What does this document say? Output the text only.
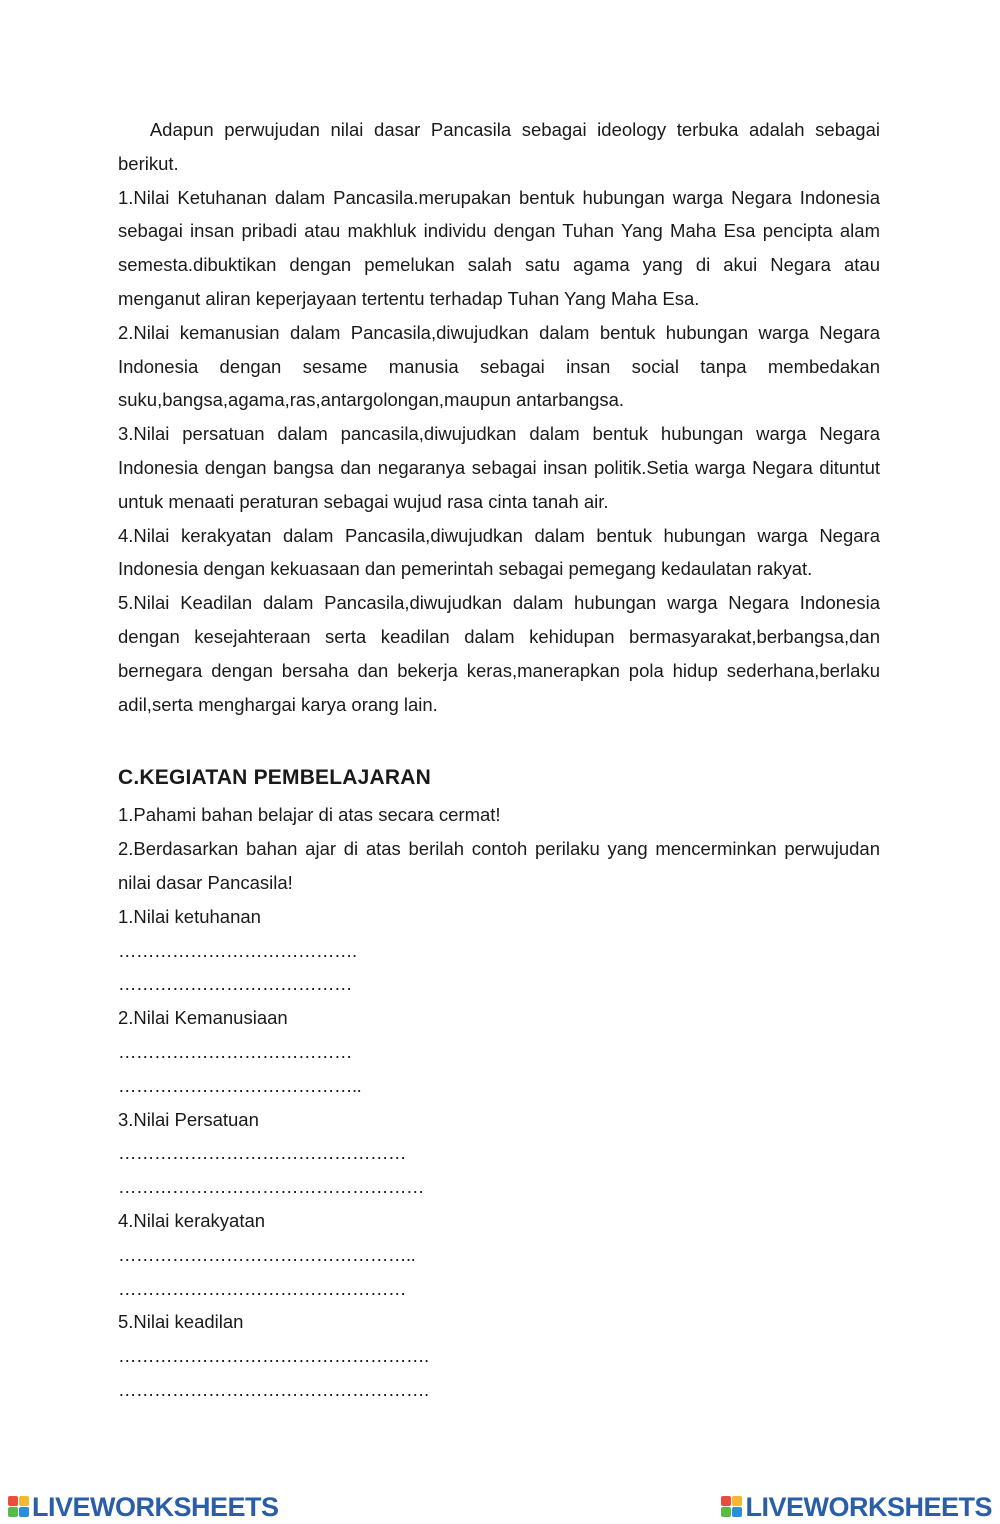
Adapun perwujudan nilai dasar Pancasila sebagai ideology terbuka adalah sebagai berikut.

1.Nilai Ketuhanan dalam Pancasila.merupakan bentuk hubungan warga Negara Indonesia sebagai insan pribadi atau makhluk individu dengan Tuhan Yang Maha Esa pencipta alam semesta.dibuktikan dengan pemelukan salah satu agama yang di akui Negara atau menganut aliran keperjayaan tertentu terhadap Tuhan Yang Maha Esa.

2.Nilai kemanusian dalam Pancasila,diwujudkan dalam bentuk hubungan warga Negara Indonesia dengan sesame manusia sebagai insan social tanpa membedakan suku,bangsa,agama,ras,antargolongan,maupun antarbangsa.

3.Nilai persatuan dalam pancasila,diwujudkan dalam bentuk hubungan warga Negara Indonesia dengan bangsa dan negaranya sebagai insan politik.Setia warga Negara dituntut untuk menaati peraturan sebagai wujud rasa cinta tanah air.

4.Nilai kerakyatan dalam Pancasila,diwujudkan dalam bentuk hubungan warga Negara Indonesia dengan kekuasaan dan pemerintah sebagai pemegang kedaulatan rakyat.

5.Nilai Keadilan dalam Pancasila,diwujudkan dalam hubungan warga Negara Indonesia dengan kesejahteraan serta keadilan dalam kehidupan bermasyarakat,berbangsa,dan bernegara dengan bersaha dan bekerja keras,manerapkan pola hidup sederhana,berlaku adil,serta menghargai karya orang lain.

C.KEGIATAN PEMBELAJARAN

1.Pahami bahan belajar di atas secara cermat!

2.Berdasarkan bahan ajar di atas berilah contoh perilaku yang mencerminkan perwujudan nilai dasar Pancasila!

1.Nilai ketuhanan

………………………………….

…………………………………

2.Nilai Kemanusiaan

…………………………………

…………………………………..

3.Nilai Persatuan

…………………………………………

……………………………………………

4.Nilai kerakyatan

…………………………………………..

…………………………………………

5.Nilai keadilan

…………………………………………….

…………………………………………….

LIVEWORKSHEETS	LIVEWORKSHEETS
